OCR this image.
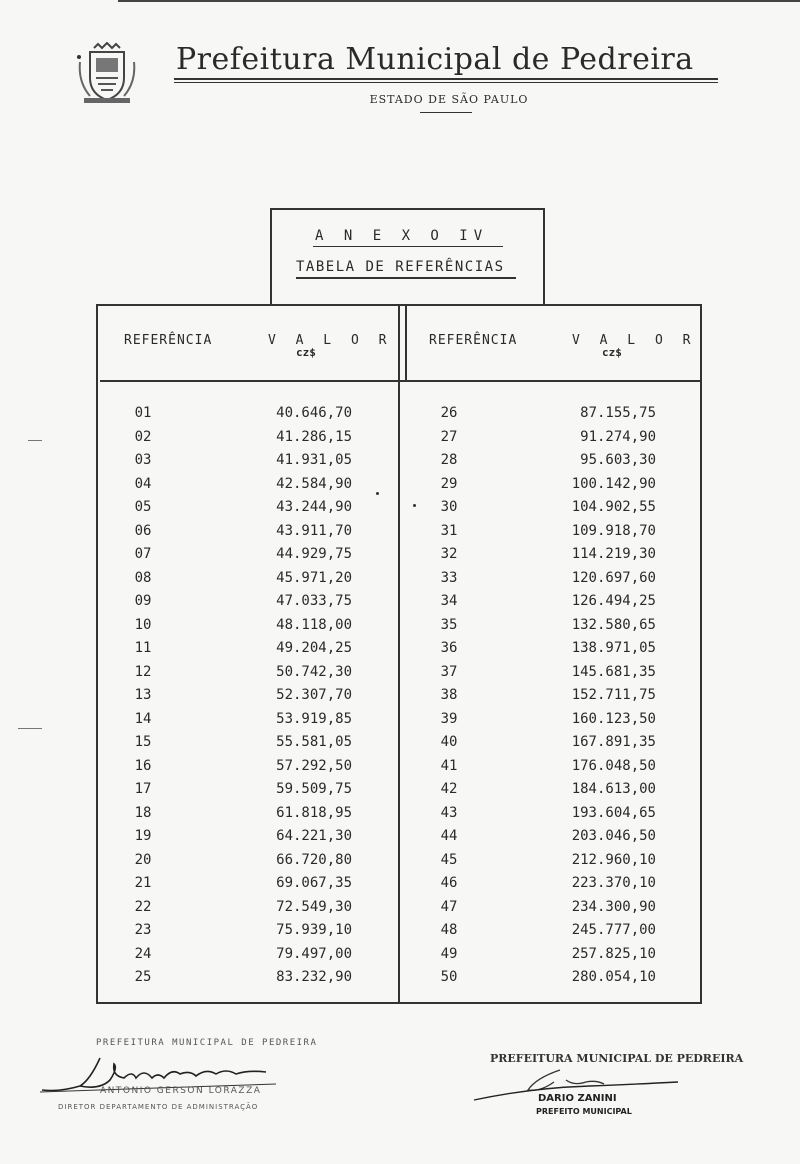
Prefeitura Municipal de Pedreira
ESTADO DE SÃO PAULO
A N E X O IV
TABELA DE REFERÊNCIAS
REFERÊNCIA	V A L O R
cz$
REFERÊNCIA	V A L O R
cz$
01
02
03
04
05
06
07
08
09
10
11
12
13
14
15
16
17
18
19
20
21
22
23
24
25
40.646,70
41.286,15
41.931,05
42.584,90
43.244,90
43.911,70
44.929,75
45.971,20
47.033,75
48.118,00
49.204,25
50.742,30
52.307,70
53.919,85
55.581,05
57.292,50
59.509,75
61.818,95
64.221,30
66.720,80
69.067,35
72.549,30
75.939,10
79.497,00
83.232,90
26
27
28
29
30
31
32
33
34
35
36
37
38
39
40
41
42
43
44
45
46
47
48
49
50
87.155,75
91.274,90
95.603,30
100.142,90
104.902,55
109.918,70
114.219,30
120.697,60
126.494,25
132.580,65
138.971,05
145.681,35
152.711,75
160.123,50
167.891,35
176.048,50
184.613,00
193.604,65
203.046,50
212.960,10
223.370,10
234.300,90
245.777,00
257.825,10
280.054,10
PREFEITURA MUNICIPAL DE PEDREIRA
ANTONIO GERSON LORAZZA
DIRETOR DEPARTAMENTO DE ADMINISTRAÇÃO
PREFEITURA MUNICIPAL DE PEDREIRA
DARIO ZANINI
PREFEITO MUNICIPAL
